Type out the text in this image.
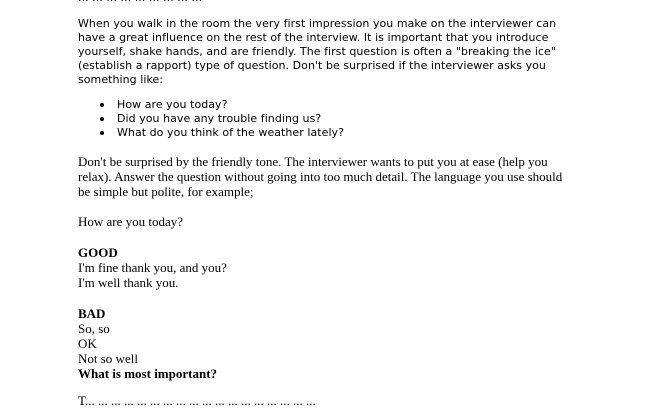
When you walk in the room the very first impression you make on the interviewer can
have a great influence on the rest of the interview. It is important that you introduce
yourself, shake hands, and are friendly. The first question is often a "breaking the ice"
(establish a rapport) type of question. Don't be surprised if the interviewer asks you
something like:
How are you today?
Did you have any trouble finding us?
What do you think of the weather lately?
Don't be surprised by the friendly tone. The interviewer wants to put you at ease (help you
relax). Answer the question without going into too much detail. The language you use should
be simple but polite, for example;
How are you today?
GOOD
I'm fine thank you, and you?
I'm well thank you.
BAD
So, so
OK
Not so well
What is most important?
T... ... ... ... ... ... ... ... ... ... ... ... ... ... ... ... ... ...
